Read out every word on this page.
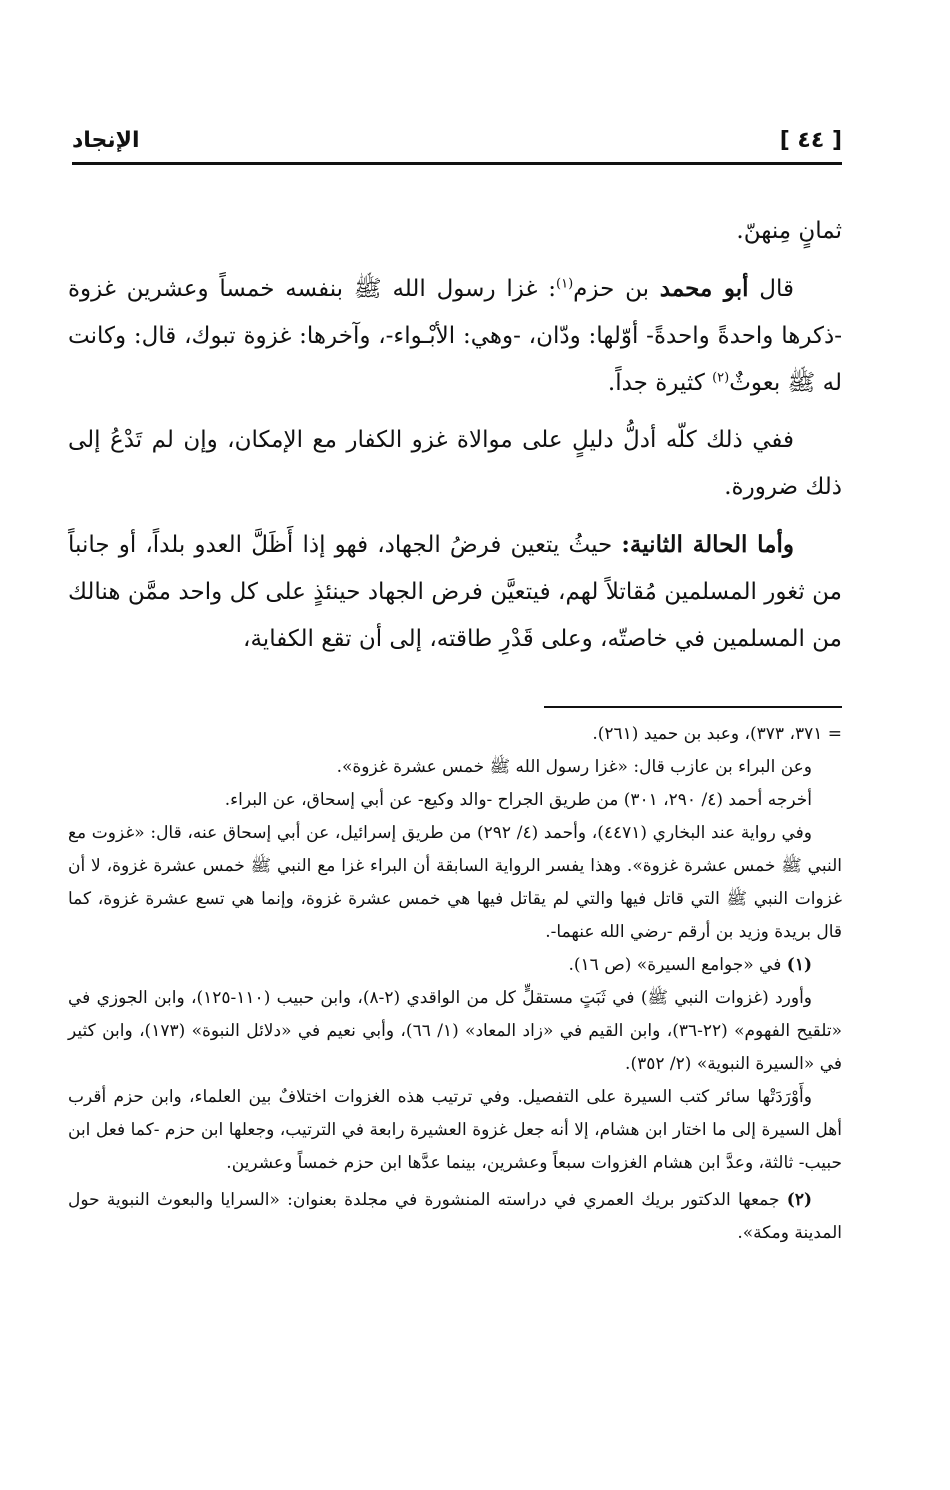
[ ٤٤ ]
الإنجاد

ثمانٍ مِنهنّ.

قال أبو محمد بن حزم$^{(١)}$: غزا رسول الله ﷺ بنفسه خمساً وعشرين غزوة -ذكرها واحدةً واحدةً- أوّلها: ودّان، -وهي: الأبْـواء-، وآخرها: غزوة تبوك، قال: وكانت له ﷺ بعوثٌ$^{(٢)}$ كثيرة جداً.

ففي ذلك كلّه أدلُّ دليلٍ على موالاة غزو الكفار مع الإمكان، وإن لم تَدْعُ إلى ذلك ضرورة.

وأما الحالة الثانية: حيثُ يتعين فرضُ الجهاد، فهو إذا أَظَلَّ العدو بلداً، أو جانباً من ثغور المسلمين مُقاتلاً لهم، فيتعيَّن فرض الجهاد حينئذٍ على كل واحد ممَّن هنالك من المسلمين في خاصتّه، وعلى قَدْرِ طاقته، إلى أن تقع الكفاية،

= ٣٧١، ٣٧٣)، وعبد بن حميد (٢٦١).

وعن البراء بن عازب قال: «غزا رسول الله ﷺ خمس عشرة غزوة».

أخرجه أحمد (٤/ ٢٩٠، ٣٠١) من طريق الجراح -والد وكيع- عن أبي إسحاق، عن البراء.

وفي رواية عند البخاري (٤٤٧١)، وأحمد (٤/ ٢٩٢) من طريق إسرائيل، عن أبي إسحاق عنه، قال: «غزوت مع النبي ﷺ خمس عشرة غزوة». وهذا يفسر الرواية السابقة أن البراء غزا مع النبي ﷺ خمس عشرة غزوة، لا أن غزوات النبي ﷺ التي قاتل فيها والتي لم يقاتل فيها هي خمس عشرة غزوة، وإنما هي تسع عشرة غزوة، كما قال بريدة وزيد بن أرقم -رضي الله عنهما-.

(١) في «جوامع السيرة» (ص ١٦).

وأورد (غزوات النبي ﷺ) في ثَبَتٍ مستقلٍّ كل من الواقدي (٢-٨)، وابن حبيب (١١٠-١٢٥)، وابن الجوزي في «تلقيح الفهوم» (٢٢-٣٦)، وابن القيم في «زاد المعاد» (١/ ٦٦)، وأبي نعيم في «دلائل النبوة» (١٧٣)، وابن كثير في «السيرة النبوية» (٢/ ٣٥٢).

وأَوْرَدَتْها سائر كتب السيرة على التفصيل. وفي ترتيب هذه الغزوات اختلافٌ بين العلماء، وابن حزم أقرب أهل السيرة إلى ما اختار ابن هشام، إلا أنه جعل غزوة العشيرة رابعة في الترتيب، وجعلها ابن حزم -كما فعل ابن حبيب- ثالثة، وعدَّ ابن هشام الغزوات سبعاً وعشرين، بينما عدَّها ابن حزم خمساً وعشرين.

(٢) جمعها الدكتور بريك العمري في دراسته المنشورة في مجلدة بعنوان: «السرايا والبعوث النبوية حول المدينة ومكة».
